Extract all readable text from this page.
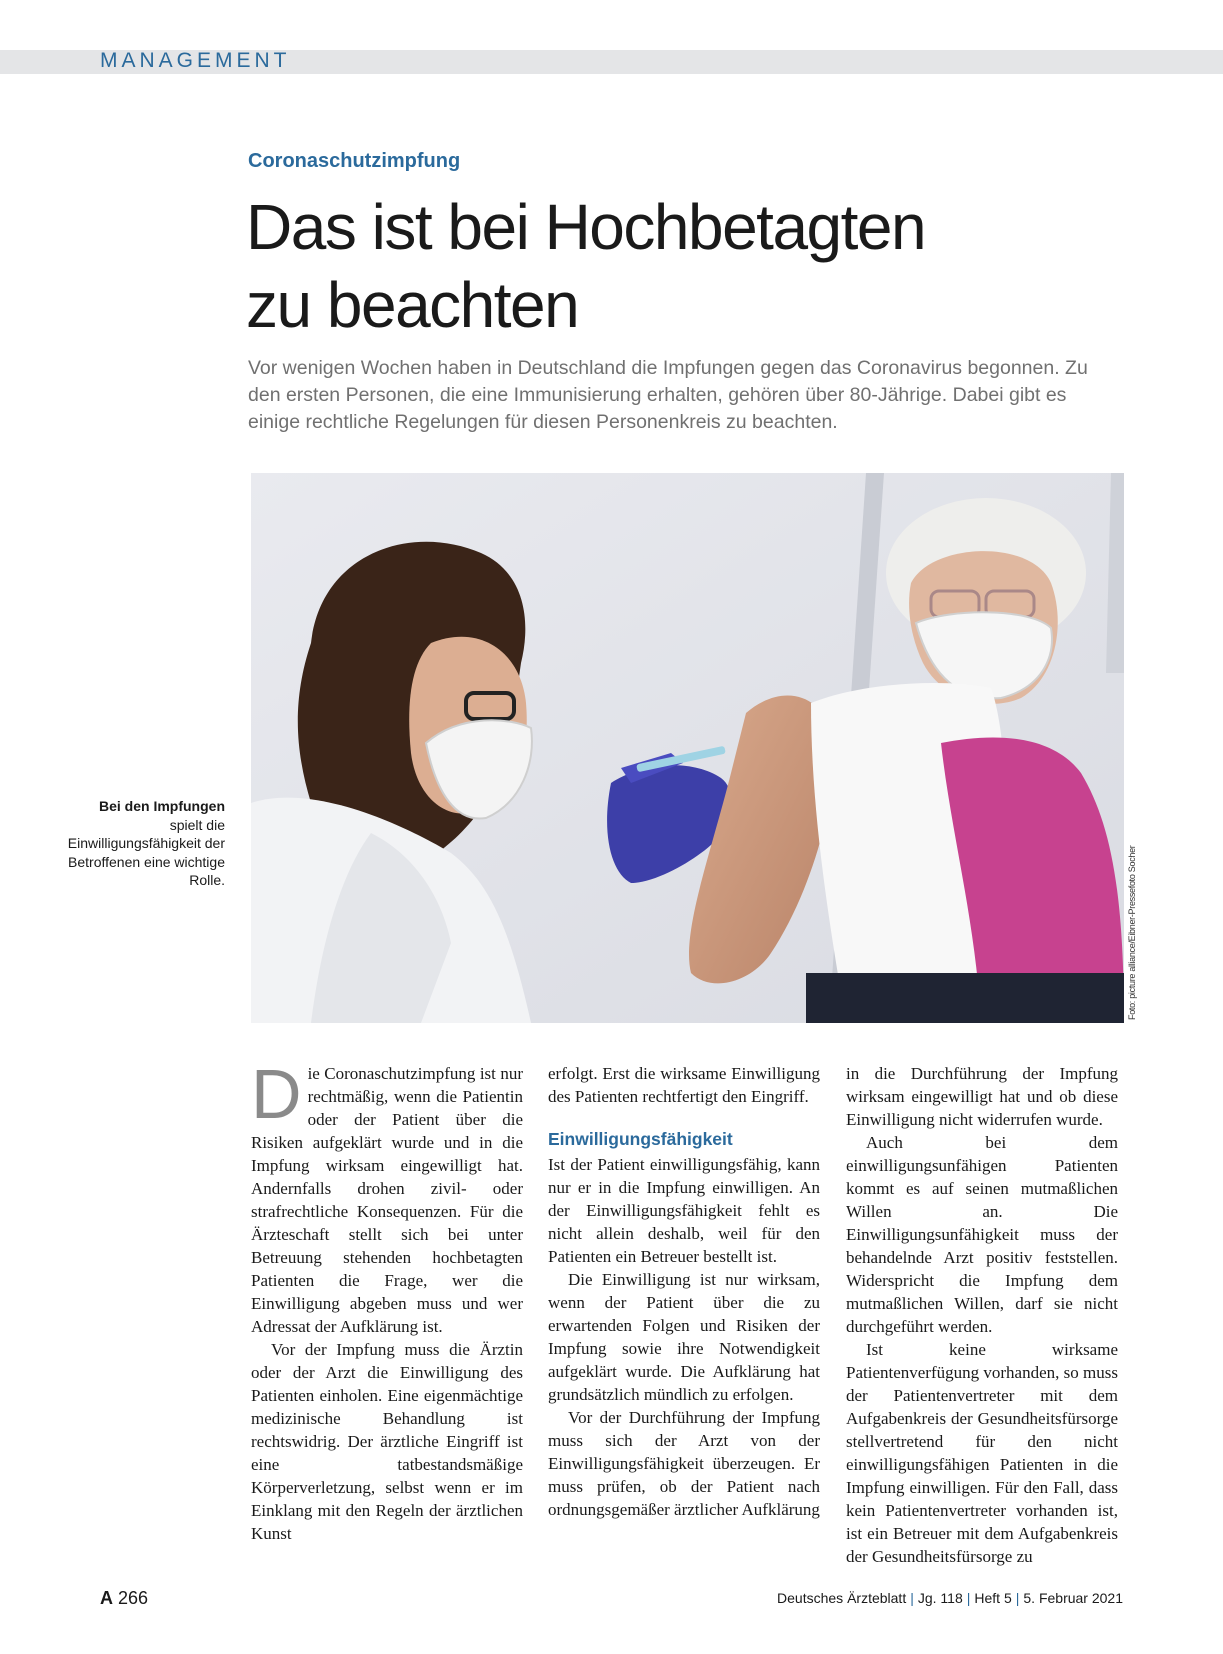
MANAGEMENT
Coronaschutzimpfung
Das ist bei Hochbetagten
zu beachten

Vor wenigen Wochen haben in Deutschland die Impfungen gegen das Coronavirus begonnen. Zu den ersten Personen, die eine Immunisierung erhalten, gehören über 80-Jährige. Dabei gibt es einige rechtliche Regelungen für diesen Personenkreis zu beachten.

Bei den Impfungen
spielt die Einwilligungsfähigkeit der Betroffenen eine wichtige Rolle.	Foto: picture alliance/Eibner-Pressefoto Socher

Die Coronaschutzimpfung ist nur rechtmäßig, wenn die Patientin oder der Patient über die Risiken aufgeklärt wurde und in die Impfung wirksam eingewilligt hat. Andernfalls drohen zivil- oder strafrechtliche Konsequenzen. Für die Ärzteschaft stellt sich bei unter Betreuung stehenden hochbetagten Patienten die Frage, wer die Einwilligung abgeben muss und wer Adressat der Aufklärung ist.

Vor der Impfung muss die Ärztin oder der Arzt die Einwilligung des Patienten einholen. Eine eigenmächtige medizinische Behandlung ist rechtswidrig. Der ärztliche Eingriff ist eine tatbestandsmäßige Körperverletzung, selbst wenn er im Einklang mit den Regeln der ärztlichen Kunst

erfolgt. Erst die wirksame Einwilligung des Patienten rechtfertigt den Eingriff.

Einwilligungsfähigkeit

Ist der Patient einwilligungsfähig, kann nur er in die Impfung einwilligen. An der Einwilligungsfähigkeit fehlt es nicht allein deshalb, weil für den Patienten ein Betreuer bestellt ist.

Die Einwilligung ist nur wirksam, wenn der Patient über die zu erwartenden Folgen und Risiken der Impfung sowie ihre Notwendigkeit aufgeklärt wurde. Die Aufklärung hat grundsätzlich mündlich zu erfolgen.

Vor der Durchführung der Impfung muss sich der Arzt von der Einwilligungsfähigkeit überzeugen. Er muss prüfen, ob der Patient nach ordnungsgemäßer ärztlicher Aufklärung

in die Durchführung der Impfung wirksam eingewilligt hat und ob diese Einwilligung nicht widerrufen wurde.

Auch bei dem einwilligungsunfähigen Patienten kommt es auf seinen mutmaßlichen Willen an. Die Einwilligungsunfähigkeit muss der behandelnde Arzt positiv feststellen. Widerspricht die Impfung dem mutmaßlichen Willen, darf sie nicht durchgeführt werden.

Ist keine wirksame Patientenverfügung vorhanden, so muss der Patientenvertreter mit dem Aufgabenkreis der Gesundheitsfürsorge stellvertretend für den nicht einwilligungsfähigen Patienten in die Impfung einwilligen. Für den Fall, dass kein Patientenvertreter vorhanden ist, ist ein Betreuer mit dem Aufgabenkreis der Gesundheitsfürsorge zu

A 266	Deutsches Ärzteblatt | Jg. 118 | Heft 5 | 5. Februar 2021
